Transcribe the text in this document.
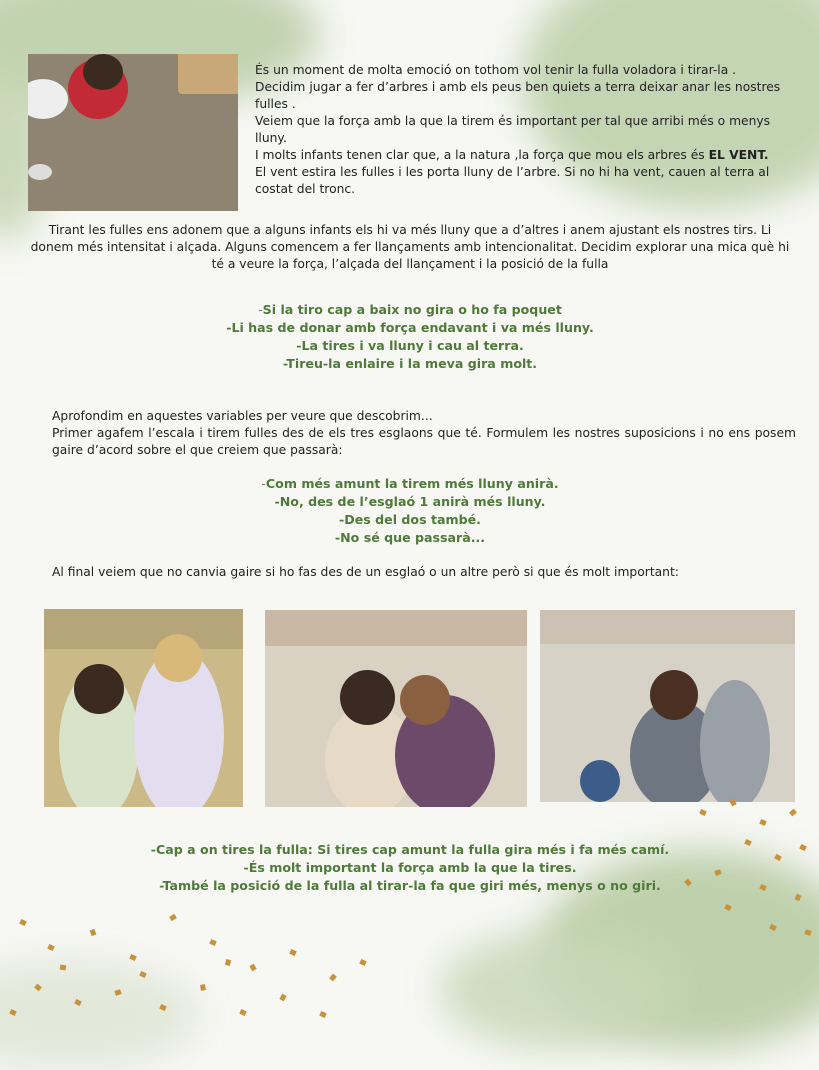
És un moment de molta emoció on tothom vol tenir la fulla voladora i tirar-la .

Decidim jugar a fer d’arbres i amb els peus ben quiets a terra deixar anar les nostres fulles .

Veiem que la força amb la que la tirem és important per tal que arribi més o menys lluny.

I molts infants tenen clar que, a la natura ,la força que mou els arbres és EL VENT.

El vent estira les fulles i les porta lluny de l’arbre. Si no hi ha vent, cauen al terra al costat del tronc.

Tirant les fulles ens adonem que a alguns infants els hi va més lluny que a d’altres i anem ajustant els nostres tirs. Li donem més intensitat i alçada. Alguns comencem a fer llançaments amb intencionalitat. Decidim explorar una mica què hi té a veure la força, l’alçada del llançament i la posició de la fulla

-Si la tiro cap a baix no gira o ho fa poquet

-Li has de donar amb força endavant i va més lluny.

-La tires i va lluny i cau al terra.

-Tireu-la enlaire i la meva gira molt.

Aprofondim en aquestes variables per veure que descobrim...

Primer agafem l’escala i tirem fulles des de els tres esglaons que té. Formulem les nostres suposicions i no ens posem gaire d’acord sobre el que creiem que passarà:

-Com més amunt la tirem més lluny anirà.

-No, des de l’esglaó 1 anirà més lluny.

-Des del dos també.

-No sé que passarà...

Al final veiem que no canvia gaire si ho fas des de un esglaó o un altre però si que és molt important:

-Cap a on tires la fulla: Si tires cap amunt la fulla gira més i fa més camí.

-És molt important la força amb la que la tires.

-També la posició de la fulla al tirar-la fa que giri més, menys o no giri.
